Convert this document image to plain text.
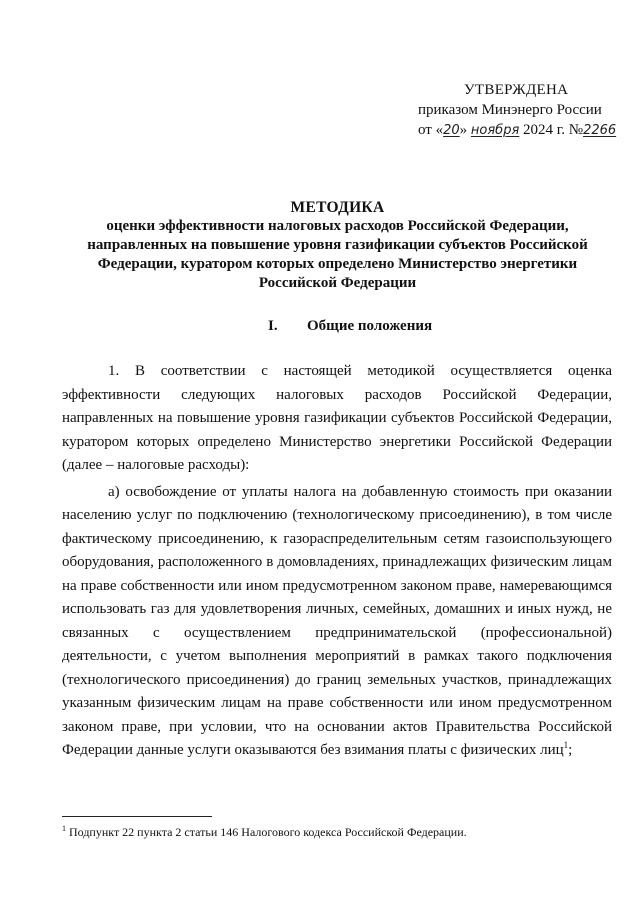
УТВЕРЖДЕНА
приказом Минэнерго России
от «20» ноября 2024 г. №2266
МЕТОДИКА
оценки эффективности налоговых расходов Российской Федерации, направленных на повышение уровня газификации субъектов Российской Федерации, куратором которых определено Министерство энергетики Российской Федерации
I. Общие положения

1. В соответствии с настоящей методикой осуществляется оценка эффективности следующих налоговых расходов Российской Федерации, направленных на повышение уровня газификации субъектов Российской Федерации, куратором которых определено Министерство энергетики Российской Федерации (далее – налоговые расходы):

а) освобождение от уплаты налога на добавленную стоимость при оказании населению услуг по подключению (технологическому присоединению), в том числе фактическому присоединению, к газораспределительным сетям газоиспользующего оборудования, расположенного в домовладениях, принадлежащих физическим лицам на праве собственности или ином предусмотренном законом праве, намеревающимся использовать газ для удовлетворения личных, семейных, домашних и иных нужд, не связанных с осуществлением предпринимательской (профессиональной) деятельности, с учетом выполнения мероприятий в рамках такого подключения (технологического присоединения) до границ земельных участков, принадлежащих указанным физическим лицам на праве собственности или ином предусмотренном законом праве, при условии, что на основании актов Правительства Российской Федерации данные услуги оказываются без взимания платы с физических лиц$^1$;

$^1$ Подпункт 22 пункта 2 статьи 146 Налогового кодекса Российской Федерации.
